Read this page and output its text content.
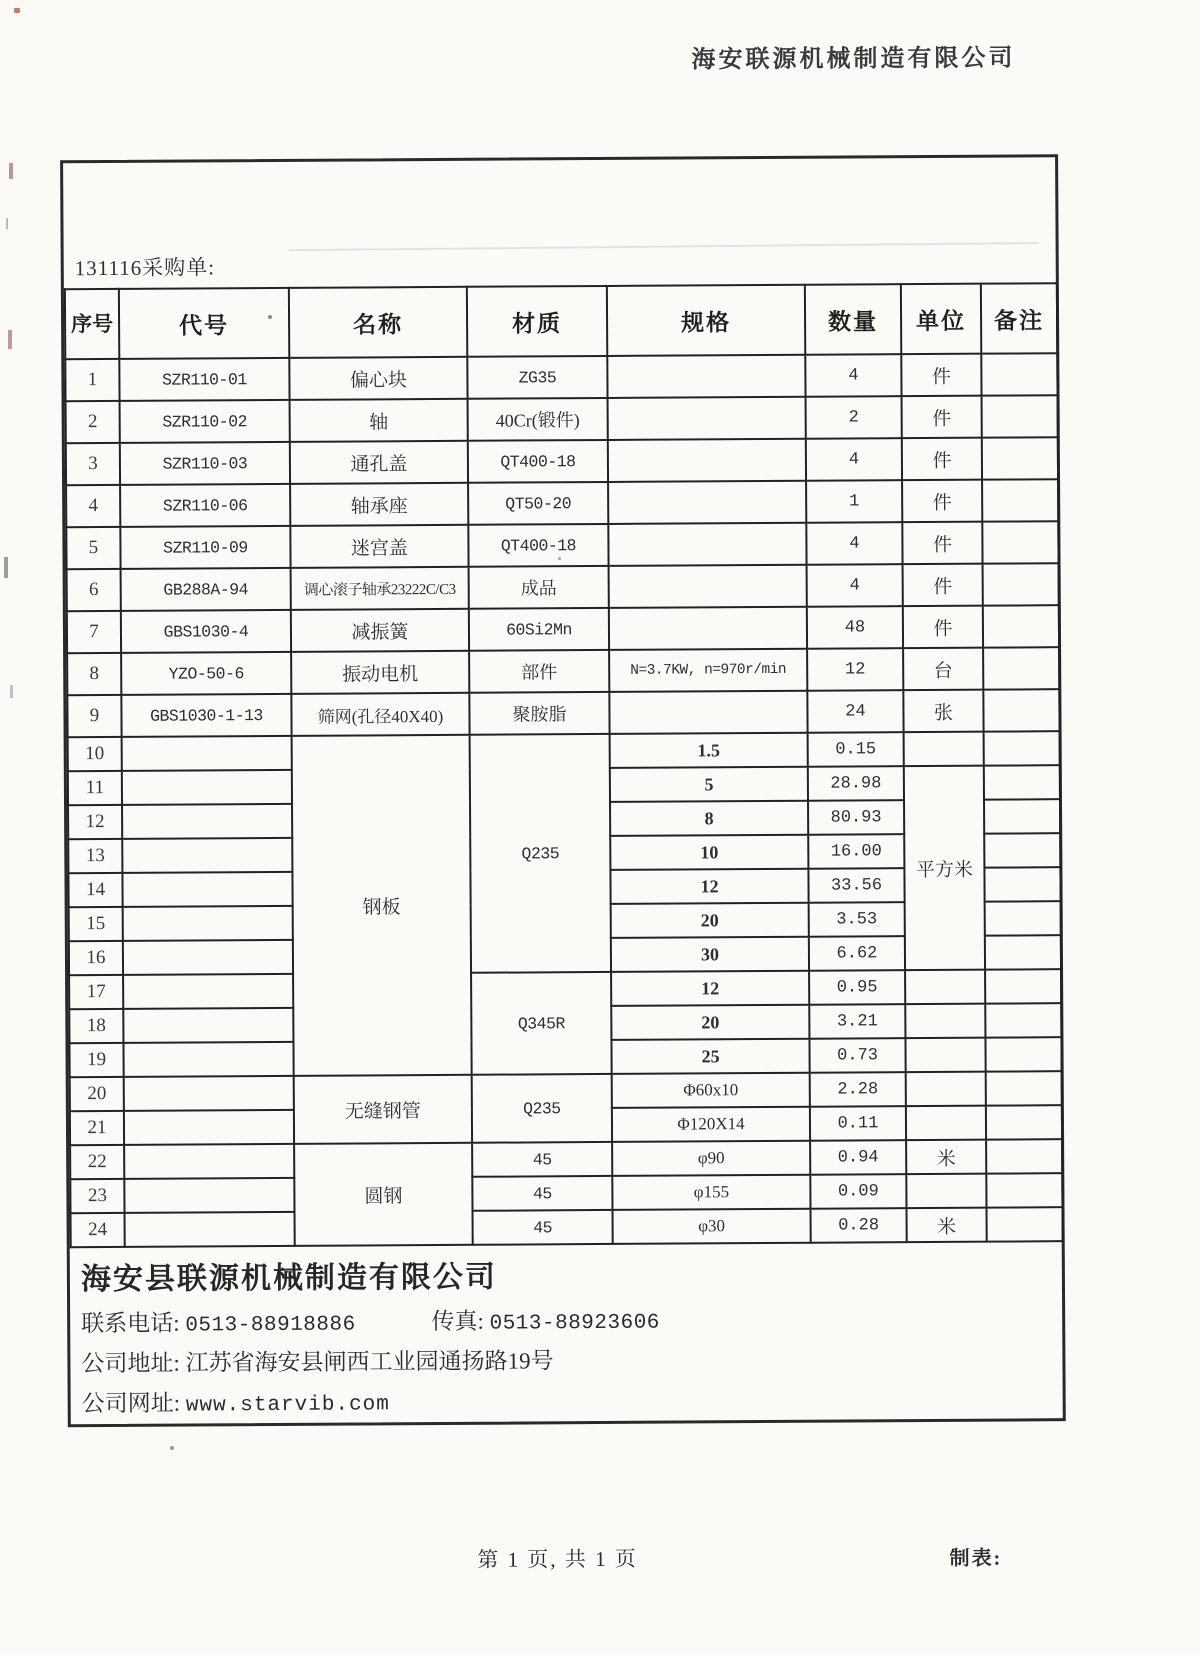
海安联源机械制造有限公司
131116采购单:
序号	代号	名称	材质	规格	数量	单位	备注
1	SZR110-01	偏心块	ZG35		4	件	
2	SZR110-02	轴	40Cr(锻件)		2	件	
3	SZR110-03	通孔盖	QT400-18		4	件	
4	SZR110-06	轴承座	QT50-20		1	件	
5	SZR110-09	迷宫盖	QT400-18		4	件	
6	GB288A-94	调心滚子轴承23222C/C3	成品		4	件	
7	GBS1030-4	减振簧	60Si2Mn		48	件	
8	YZO-50-6	振动电机	部件	N=3.7KW, n=970r/min	12	台	
9	GBS1030-1-13	筛网(孔径40X40)	聚胺脂		24	张	
10		钢板	Q235	1.5	0.15		
11				5	28.98	平方米	
12				8	80.93		
13				10	16.00		
14				12	33.56		
15				20	3.53		
16				30	6.62		
17			Q345R	12	0.95		
18				20	3.21		
19				25	0.73		
20		无缝钢管	Q235	Φ60x10	2.28		
21				Φ120X14	0.11		
22		圆钢	45	φ90	0.94	米	
23			45	φ155	0.09		
24			45	φ30	0.28	米	
海安县联源机械制造有限公司
联系电话: 0513-88918886	传真: 0513-88923606
公司地址: 江苏省海安县闸西工业园通扬路19号
公司网址: www.starvib.com
第 1 页, 共 1 页	制表:
